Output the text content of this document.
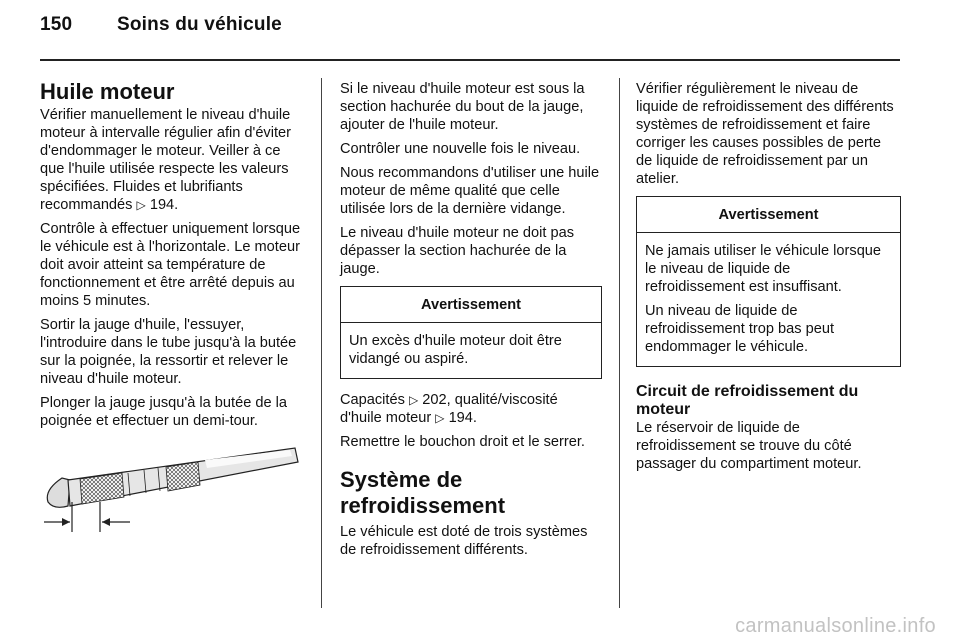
150 Soins du véhicule
Huile moteur

Vérifier manuellement le niveau d'huile moteur à intervalle régulier afin d'éviter d'endommager le moteur. Veiller à ce que l'huile utilisée respecte les valeurs spécifiées. Fluides et lubrifiants recommandés ▷ 194.

Contrôle à effectuer uniquement lorsque le véhicule est à l'horizontale. Le moteur doit avoir atteint sa température de fonctionnement et être arrêté depuis au moins 5 minutes.

Sortir la jauge d'huile, l'essuyer, l'introduire dans le tube jusqu'à la butée sur la poignée, la ressortir et relever le niveau d'huile moteur.

Plonger la jauge jusqu'à la butée de la poignée et effectuer un demi-tour.

Si le niveau d'huile moteur est sous la section hachurée du bout de la jauge, ajouter de l'huile moteur.

Contrôler une nouvelle fois le niveau.

Nous recommandons d'utiliser une huile moteur de même qualité que celle utilisée lors de la dernière vidange.

Le niveau d'huile moteur ne doit pas dépasser la section hachurée de la jauge.

Avertissement

Un excès d'huile moteur doit être vidangé ou aspiré.

Capacités ▷ 202, qualité/viscosité d'huile moteur ▷ 194.

Remettre le bouchon droit et le serrer.

Système de refroidissement

Le véhicule est doté de trois systèmes de refroidissement différents.

Vérifier régulièrement le niveau de liquide de refroidissement des différents systèmes de refroidissement et faire corriger les causes possibles de perte de liquide de refroidissement par un atelier.

Avertissement

Ne jamais utiliser le véhicule lorsque le niveau de liquide de refroidissement est insuffisant.

Un niveau de liquide de refroidissement trop bas peut endommager le véhicule.

Circuit de refroidissement du moteur

Le réservoir de liquide de refroidissement se trouve du côté passager du compartiment moteur.

carmanualsonline.info
